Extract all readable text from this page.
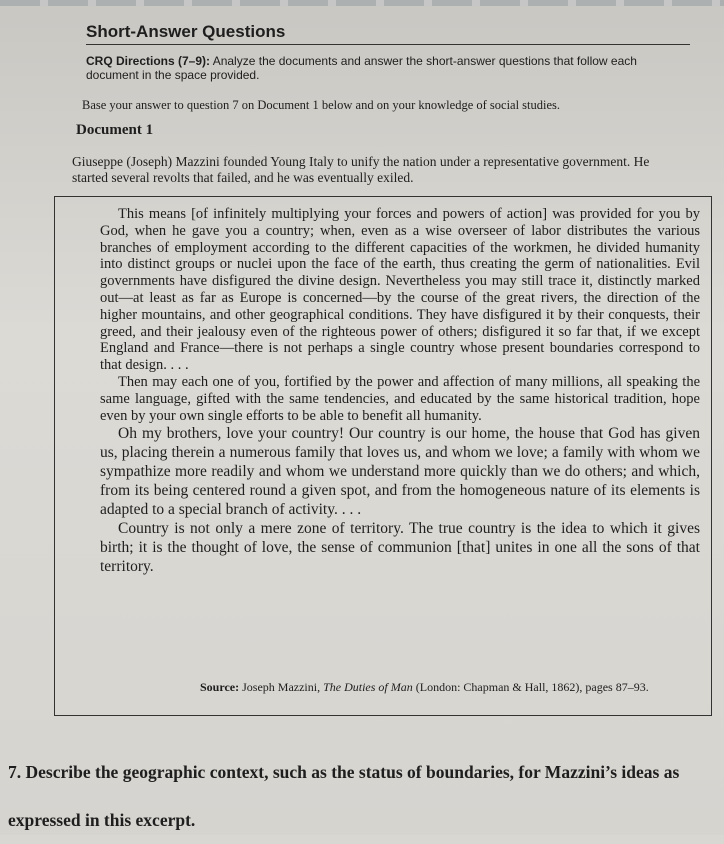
Short-Answer Questions
CRQ Directions (7–9): Analyze the documents and answer the short-answer questions that follow each document in the space provided.
Base your answer to question 7 on Document 1 below and on your knowledge of social studies.
Document 1
Giuseppe (Joseph) Mazzini founded Young Italy to unify the nation under a representative government. He started several revolts that failed, and he was eventually exiled.

This means [of infinitely multiplying your forces and powers of action] was provided for you by God, when he gave you a country; when, even as a wise overseer of labor distributes the various branches of employment according to the different capacities of the workmen, he divided humanity into distinct groups or nuclei upon the face of the earth, thus creating the germ of nationalities. Evil governments have disfigured the divine design. Nevertheless you may still trace it, distinctly marked out—at least as far as Europe is concerned—by the course of the great rivers, the direction of the higher mountains, and other geographical conditions. They have disfigured it by their conquests, their greed, and their jealousy even of the righteous power of others; disfigured it so far that, if we except England and France—there is not perhaps a single country whose present boundaries correspond to that design. . . .

Then may each one of you, fortified by the power and affection of many millions, all speaking the same language, gifted with the same tendencies, and educated by the same historical tradition, hope even by your own single efforts to be able to benefit all humanity.

Oh my brothers, love your country! Our country is our home, the house that God has given us, placing therein a numerous family that loves us, and whom we love; a family with whom we sympathize more readily and whom we understand more quickly than we do others; and which, from its being centered round a given spot, and from the homogeneous nature of its elements is adapted to a special branch of activity. . . .

Country is not only a mere zone of territory. The true country is the idea to which it gives birth; it is the thought of love, the sense of communion [that] unites in one all the sons of that territory.

Source: Joseph Mazzini, The Duties of Man (London: Chapman & Hall, 1862), pages 87–93.
7. Describe the geographic context, such as the status of boundaries, for Mazzini’s ideas as expressed in this excerpt.
